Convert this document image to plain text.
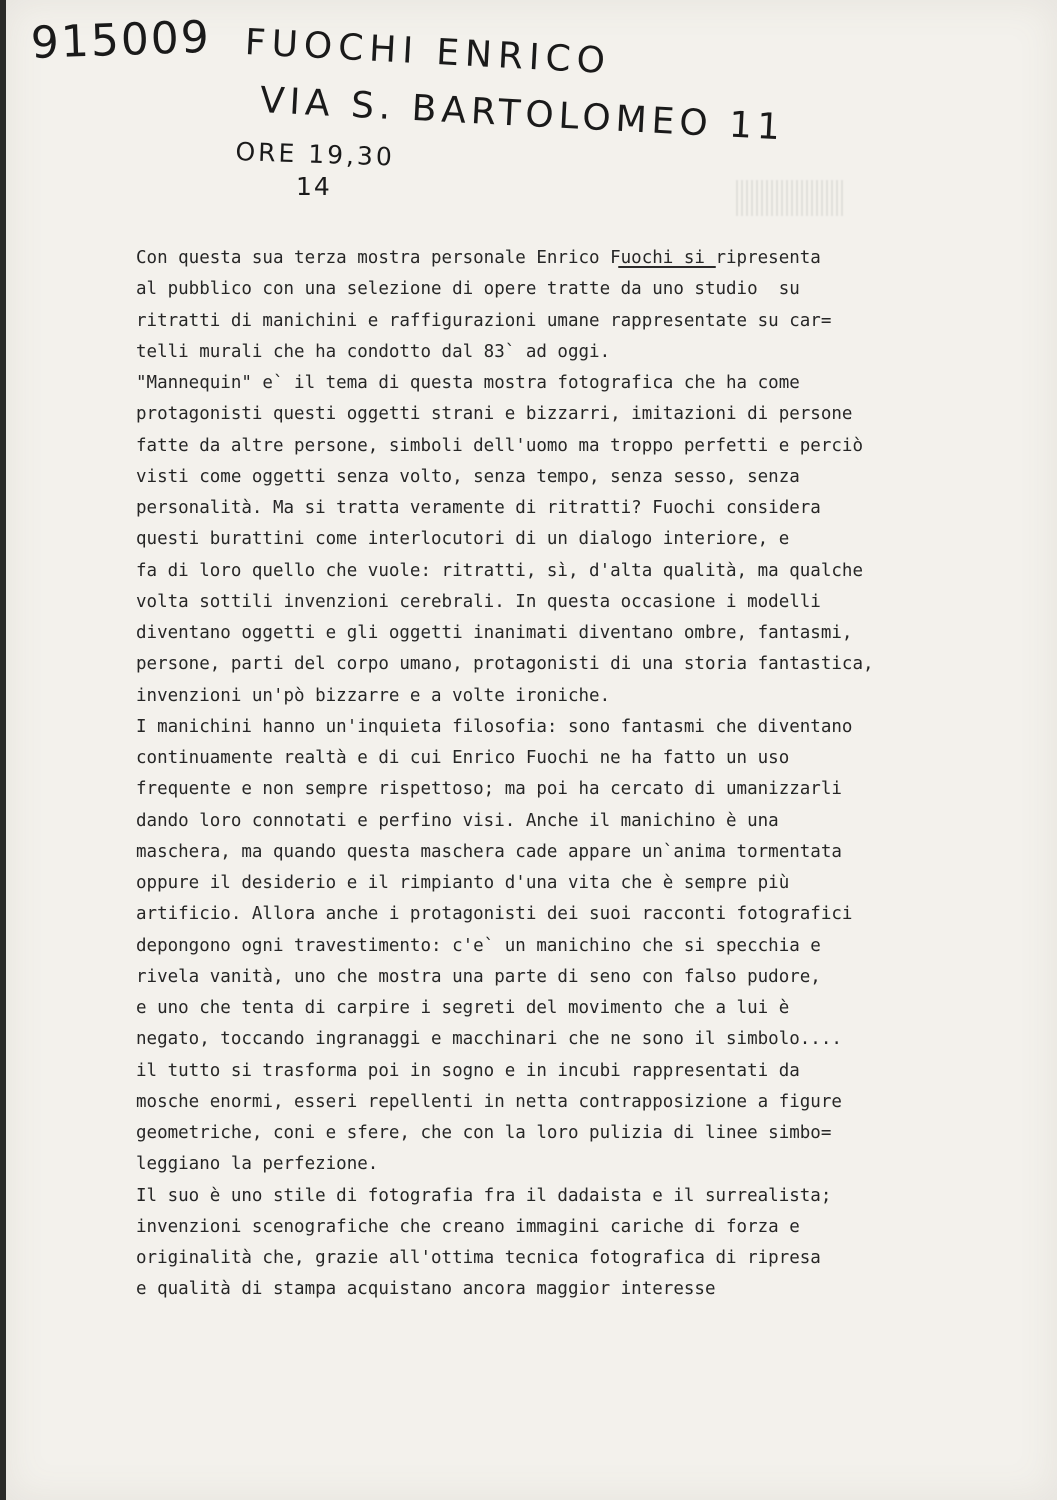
915009 FUOCHI ENRICO
VIA S. BARTOLOMEO 11
ORE 19,30
14
Con questa sua terza mostra personale Enrico Fuochi si ripresenta
al pubblico con una selezione di opere tratte da uno studio  su
ritratti di manichini e raffigurazioni umane rappresentate su car=
telli murali che ha condotto dal 83` ad oggi.
"Mannequin" e` il tema di questa mostra fotografica che ha come
protagonisti questi oggetti strani e bizzarri, imitazioni di persone
fatte da altre persone, simboli dell'uomo ma troppo perfetti e perciò
visti come oggetti senza volto, senza tempo, senza sesso, senza
personalità. Ma si tratta veramente di ritratti? Fuochi considera
questi burattini come interlocutori di un dialogo interiore, e
fa di loro quello che vuole: ritratti, sì, d'alta qualità, ma qualche
volta sottili invenzioni cerebrali. In questa occasione i modelli
diventano oggetti e gli oggetti inanimati diventano ombre, fantasmi,
persone, parti del corpo umano, protagonisti di una storia fantastica,
invenzioni un'pò bizzarre e a volte ironiche.
I manichini hanno un'inquieta filosofia: sono fantasmi che diventano
continuamente realtà e di cui Enrico Fuochi ne ha fatto un uso
frequente e non sempre rispettoso; ma poi ha cercato di umanizzarli
dando loro connotati e perfino visi. Anche il manichino è una
maschera, ma quando questa maschera cade appare un`anima tormentata
oppure il desiderio e il rimpianto d'una vita che è sempre più
artificio. Allora anche i protagonisti dei suoi racconti fotografici
depongono ogni travestimento: c'e` un manichino che si specchia e
rivela vanità, uno che mostra una parte di seno con falso pudore,
e uno che tenta di carpire i segreti del movimento che a lui è
negato, toccando ingranaggi e macchinari che ne sono il simbolo....
il tutto si trasforma poi in sogno e in incubi rappresentati da
mosche enormi, esseri repellenti in netta contrapposizione a figure
geometriche, coni e sfere, che con la loro pulizia di linee simbo=
leggiano la perfezione.
Il suo è uno stile di fotografia fra il dadaista e il surrealista;
invenzioni scenografiche che creano immagini cariche di forza e
originalità che, grazie all'ottima tecnica fotografica di ripresa
e qualità di stampa acquistano ancora maggior interesse
